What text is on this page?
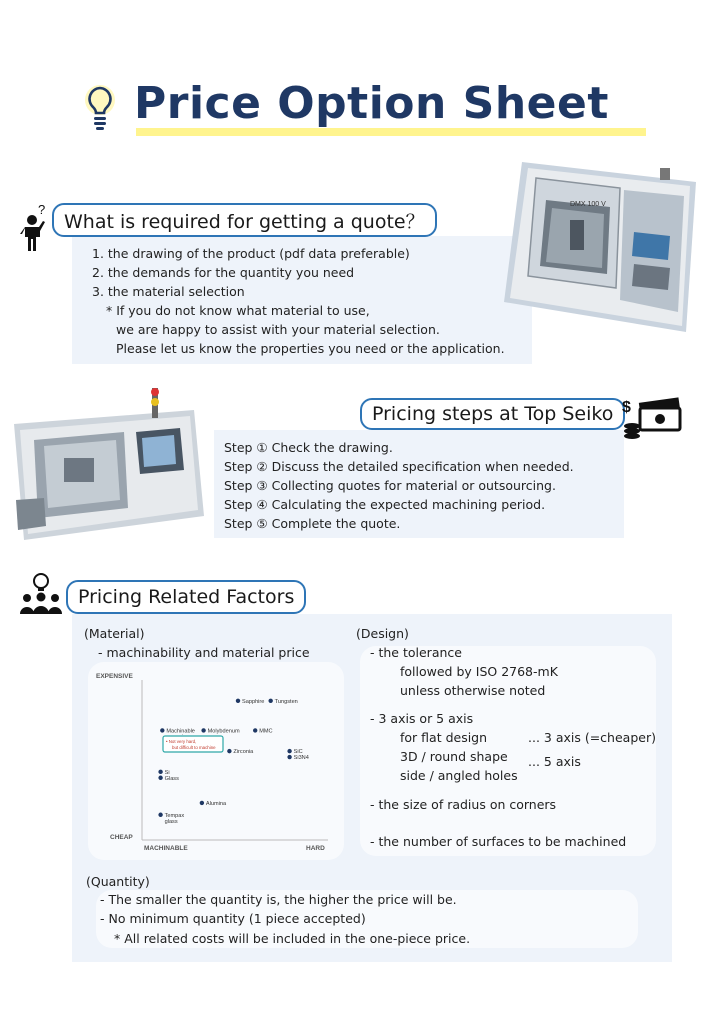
Price Option Sheet
?
What is required for getting a quote？
1. the drawing of the product (pdf data preferable)
2. the demands for the quantity you need
3. the material selection
* If you do not know what material to use,
we are happy to assist with your material selection.
Please let us know the properties you need or the application.
DMX 100 V
Pricing steps at Top Seiko $
Step ① Check the drawing.
Step ② Discuss the detailed specification when needed.
Step ③ Collecting quotes for material or outsourcing.
Step ④ Calculating the expected machining period.
Step ⑤ Complete the quote.
Pricing Related Factors
(Material)
- machinability and material price
EXPENSIVE
CHEAP
MACHINABLE	HARD
Sapphire Tungsten
Machinable Molybdenum	MMC
Zirconia	SiC
Si3N4
Si
Glass
Alumina
Tempax glass
• Not very hard, but difficult to machine
(Design)
- the tolerance
followed by ISO 2768-mK
unless otherwise noted
- 3 axis or 5 axis
for flat design	... 3 axis (=cheaper)
3D / round shape ... 5 axis
side / angled holes
- the size of radius on corners
- the number of surfaces to be machined
(Quantity)
- The smaller the quantity is, the higher the price will be.
- No minimum quantity (1 piece accepted)
* All related costs will be included in the one-piece price.
